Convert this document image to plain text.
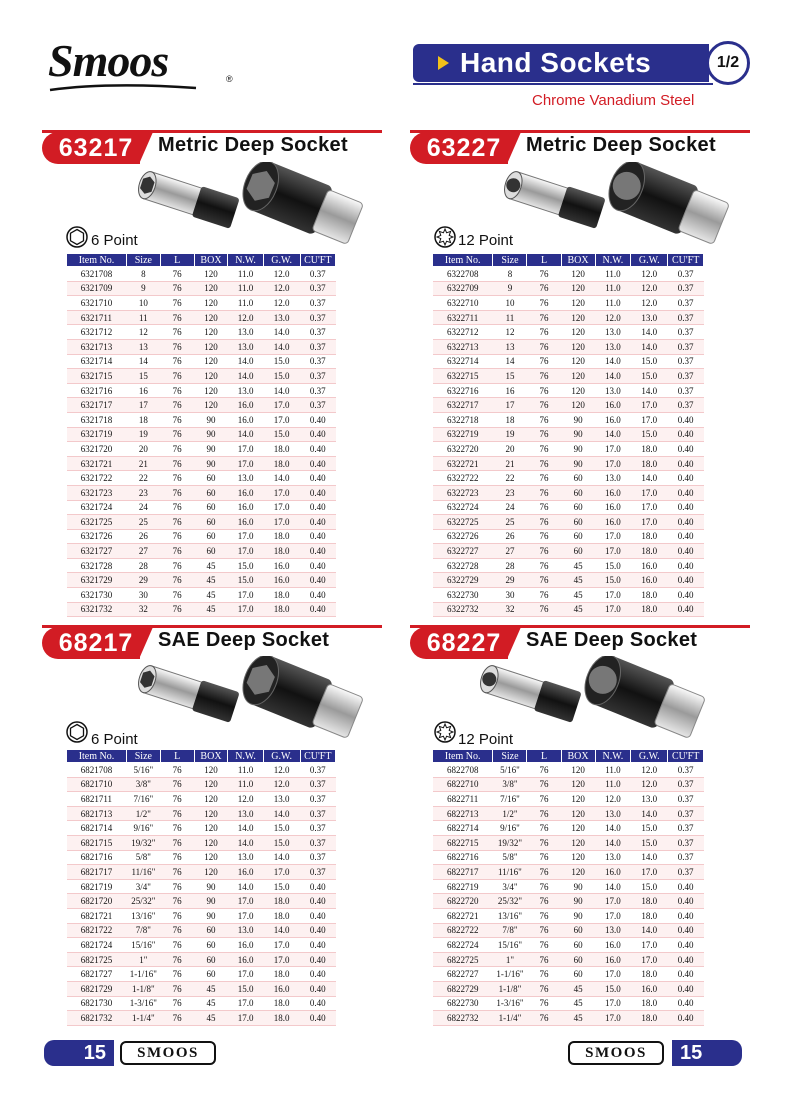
Smoos	®
Hand Sockets	1/2
Chrome Vanadium Steel
63217	Metric Deep Socket
6 Point
Item No.	Size	L	BOX	N.W.	G.W.	CU'FT
6321708	8	76	120	11.0	12.0	0.37
6321709	9	76	120	11.0	12.0	0.37
6321710	10	76	120	11.0	12.0	0.37
6321711	11	76	120	12.0	13.0	0.37
6321712	12	76	120	13.0	14.0	0.37
6321713	13	76	120	13.0	14.0	0.37
6321714	14	76	120	14.0	15.0	0.37
6321715	15	76	120	14.0	15.0	0.37
6321716	16	76	120	13.0	14.0	0.37
6321717	17	76	120	16.0	17.0	0.37
6321718	18	76	90	16.0	17.0	0.40
6321719	19	76	90	14.0	15.0	0.40
6321720	20	76	90	17.0	18.0	0.40
6321721	21	76	90	17.0	18.0	0.40
6321722	22	76	60	13.0	14.0	0.40
6321723	23	76	60	16.0	17.0	0.40
6321724	24	76	60	16.0	17.0	0.40
6321725	25	76	60	16.0	17.0	0.40
6321726	26	76	60	17.0	18.0	0.40
6321727	27	76	60	17.0	18.0	0.40
6321728	28	76	45	15.0	16.0	0.40
6321729	29	76	45	15.0	16.0	0.40
6321730	30	76	45	17.0	18.0	0.40
6321732	32	76	45	17.0	18.0	0.40
63227	Metric Deep Socket
12 Point
Item No.	Size	L	BOX	N.W.	G.W.	CU'FT
6322708	8	76	120	11.0	12.0	0.37
6322709	9	76	120	11.0	12.0	0.37
6322710	10	76	120	11.0	12.0	0.37
6322711	11	76	120	12.0	13.0	0.37
6322712	12	76	120	13.0	14.0	0.37
6322713	13	76	120	13.0	14.0	0.37
6322714	14	76	120	14.0	15.0	0.37
6322715	15	76	120	14.0	15.0	0.37
6322716	16	76	120	13.0	14.0	0.37
6322717	17	76	120	16.0	17.0	0.37
6322718	18	76	90	16.0	17.0	0.40
6322719	19	76	90	14.0	15.0	0.40
6322720	20	76	90	17.0	18.0	0.40
6322721	21	76	90	17.0	18.0	0.40
6322722	22	76	60	13.0	14.0	0.40
6322723	23	76	60	16.0	17.0	0.40
6322724	24	76	60	16.0	17.0	0.40
6322725	25	76	60	16.0	17.0	0.40
6322726	26	76	60	17.0	18.0	0.40
6322727	27	76	60	17.0	18.0	0.40
6322728	28	76	45	15.0	16.0	0.40
6322729	29	76	45	15.0	16.0	0.40
6322730	30	76	45	17.0	18.0	0.40
6322732	32	76	45	17.0	18.0	0.40
68217	SAE Deep Socket
6 Point
Item No.	Size	L	BOX	N.W.	G.W.	CU'FT
6821708	5/16"	76	120	11.0	12.0	0.37
6821710	3/8"	76	120	11.0	12.0	0.37
6821711	7/16"	76	120	12.0	13.0	0.37
6821713	1/2"	76	120	13.0	14.0	0.37
6821714	9/16"	76	120	14.0	15.0	0.37
6821715	19/32"	76	120	14.0	15.0	0.37
6821716	5/8"	76	120	13.0	14.0	0.37
6821717	11/16"	76	120	16.0	17.0	0.37
6821719	3/4"	76	90	14.0	15.0	0.40
6821720	25/32"	76	90	17.0	18.0	0.40
6821721	13/16"	76	90	17.0	18.0	0.40
6821722	7/8"	76	60	13.0	14.0	0.40
6821724	15/16"	76	60	16.0	17.0	0.40
6821725	1"	76	60	16.0	17.0	0.40
6821727	1-1/16"	76	60	17.0	18.0	0.40
6821729	1-1/8"	76	45	15.0	16.0	0.40
6821730	1-3/16"	76	45	17.0	18.0	0.40
6821732	1-1/4"	76	45	17.0	18.0	0.40
68227	SAE Deep Socket
12 Point
Item No.	Size	L	BOX	N.W.	G.W.	CU'FT
6822708	5/16"	76	120	11.0	12.0	0.37
6822710	3/8"	76	120	11.0	12.0	0.37
6822711	7/16"	76	120	12.0	13.0	0.37
6822713	1/2"	76	120	13.0	14.0	0.37
6822714	9/16"	76	120	14.0	15.0	0.37
6822715	19/32"	76	120	14.0	15.0	0.37
6822716	5/8"	76	120	13.0	14.0	0.37
6822717	11/16"	76	120	16.0	17.0	0.37
6822719	3/4"	76	90	14.0	15.0	0.40
6822720	25/32"	76	90	17.0	18.0	0.40
6822721	13/16"	76	90	17.0	18.0	0.40
6822722	7/8"	76	60	13.0	14.0	0.40
6822724	15/16"	76	60	16.0	17.0	0.40
6822725	1"	76	60	16.0	17.0	0.40
6822727	1-1/16"	76	60	17.0	18.0	0.40
6822729	1-1/8"	76	45	15.0	16.0	0.40
6822730	1-3/16"	76	45	17.0	18.0	0.40
6822732	1-1/4"	76	45	17.0	18.0	0.40
15	SMOOS	SMOOS	15
